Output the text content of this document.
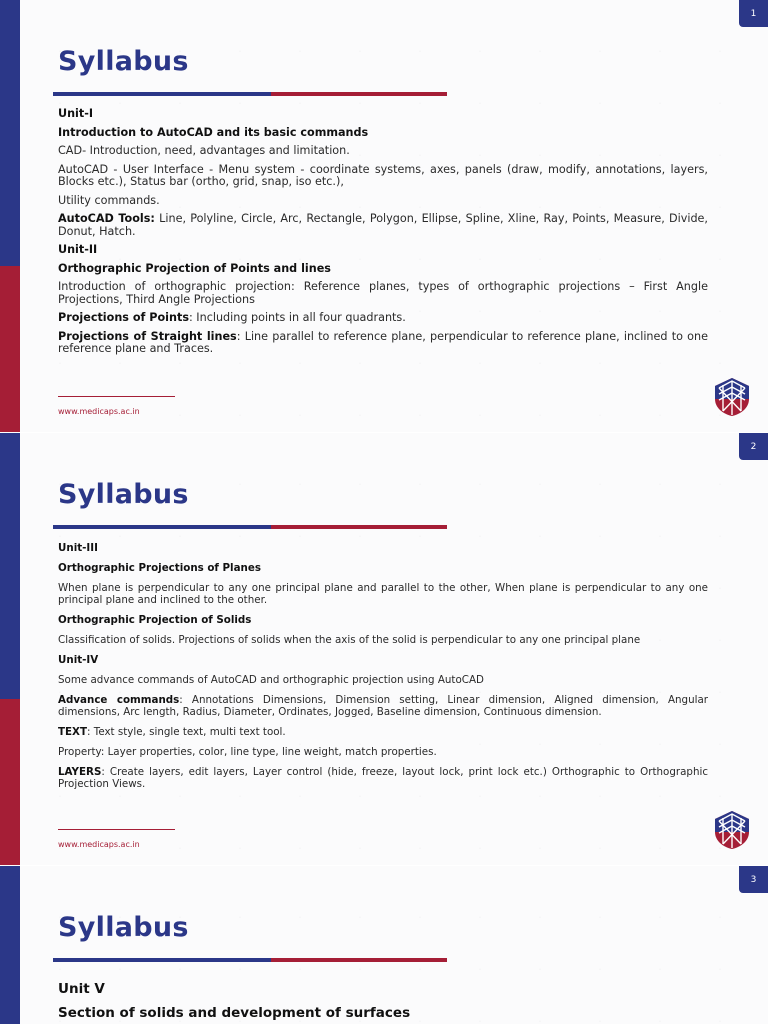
1
Syllabus
Unit-I
Introduction to AutoCAD and its basic commands
CAD- Introduction, need, advantages and limitation.
AutoCAD - User Interface - Menu system - coordinate systems, axes, panels (draw, modify, annotations, layers, Blocks etc.), Status bar (ortho, grid, snap, iso etc.),
Utility commands.
AutoCAD Tools: Line, Polyline, Circle, Arc, Rectangle, Polygon, Ellipse, Spline, Xline, Ray, Points, Measure, Divide, Donut, Hatch.
Unit-II
Orthographic Projection of Points and lines
Introduction of orthographic projection: Reference planes, types of orthographic projections – First Angle Projections, Third Angle Projections
Projections of Points: Including points in all four quadrants.
Projections of Straight lines: Line parallel to reference plane, perpendicular to reference plane, inclined to one reference plane and Traces.
www.medicaps.ac.in
2
Syllabus
Unit-III
Orthographic Projections of Planes
When plane is perpendicular to any one principal plane and parallel to the other, When plane is perpendicular to any one principal plane and inclined to the other.
Orthographic Projection of Solids
Classification of solids. Projections of solids when the axis of the solid is perpendicular to any one principal plane
Unit-IV
Some advance commands of AutoCAD and orthographic projection using AutoCAD
Advance commands: Annotations Dimensions, Dimension setting, Linear dimension, Aligned dimension, Angular dimensions, Arc length, Radius, Diameter, Ordinates, Jogged, Baseline dimension, Continuous dimension.
TEXT: Text style, single text, multi text tool.
Property: Layer properties, color, line type, line weight, match properties.
LAYERS: Create layers, edit layers, Layer control (hide, freeze, layout lock, print lock etc.) Orthographic to Orthographic Projection Views.
www.medicaps.ac.in
3
Syllabus
Unit V
Section of solids and development of surfaces
